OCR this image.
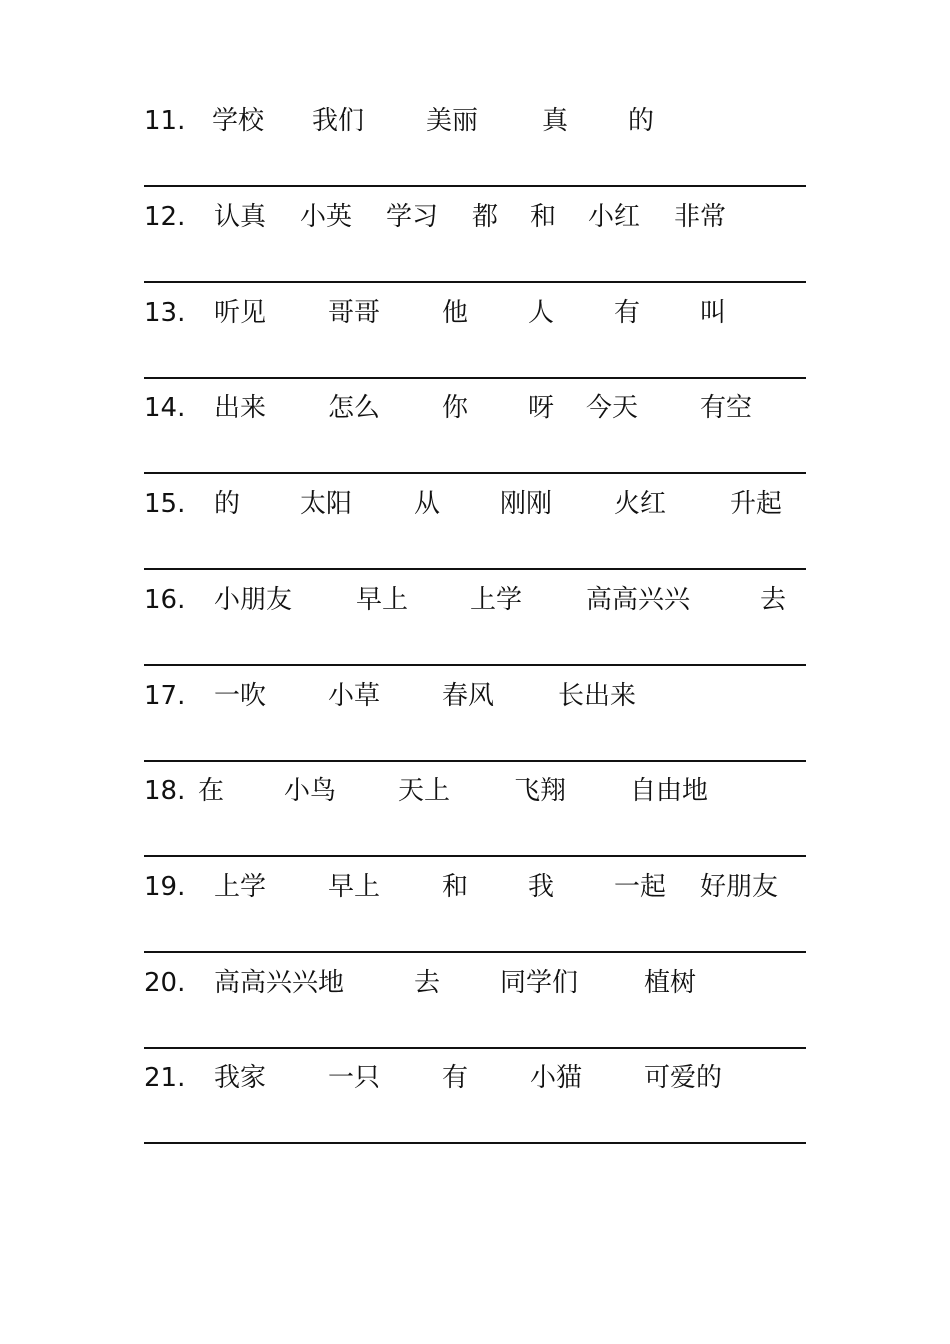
11. 学校 我们 美丽 真 的
12. 认真 小英 学习 都 和 小红 非常
13. 听见 哥哥 他 人 有 叫
14. 出来 怎么 你 呀 今天 有空
15. 的 太阳 从 刚刚 火红 升起
16. 小朋友 早上 上学 高高兴兴	去
17. 一吹 小草 春风 长出来
18. 在 小鸟 天上 飞翔 自由地
19. 上学 早上 和 我 一起 好朋友
20. 高高兴兴地	去 同学们	植树
21. 我家 一只 有 小猫 可爱的
